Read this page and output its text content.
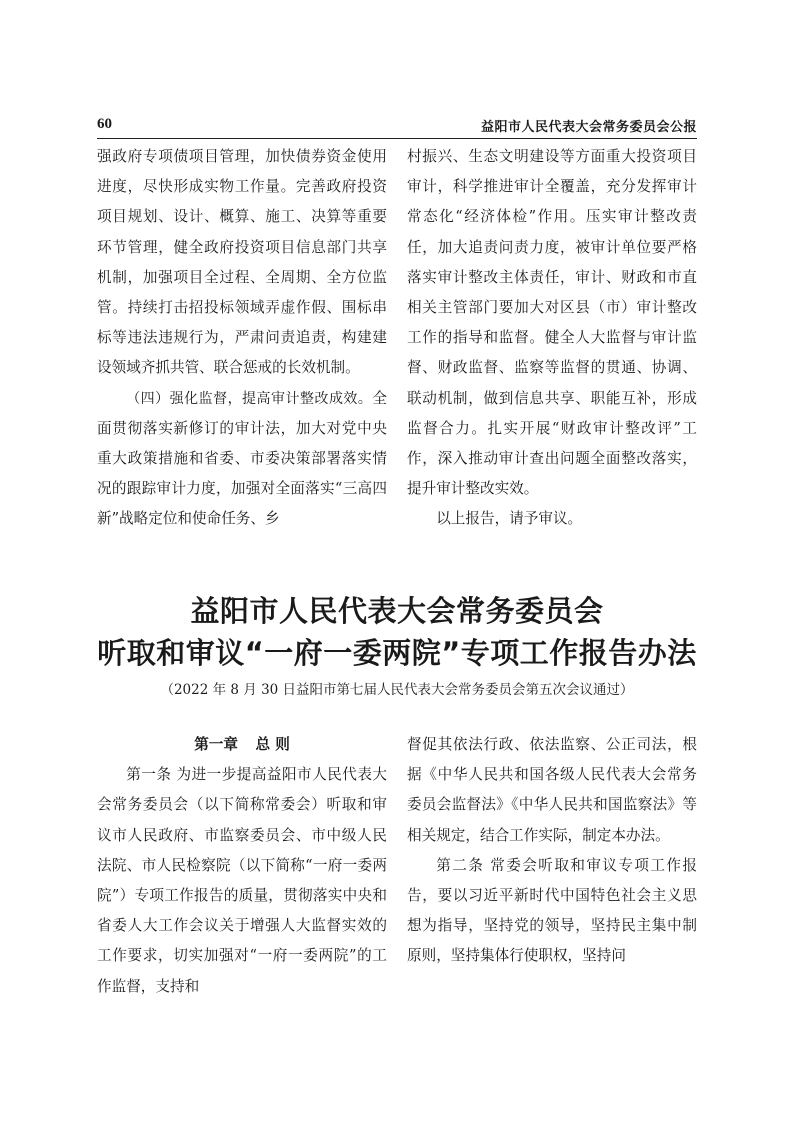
60	益阳市人民代表大会常务委员会公报

强政府专项债项目管理，加快债券资金使用进度，尽快形成实物工作量。完善政府投资项目规划、设计、概算、施工、决算等重要环节管理，健全政府投资项目信息部门共享机制，加强项目全过程、全周期、全方位监管。持续打击招投标领域弄虚作假、围标串标等违法违规行为，严肃问责追责，构建建设领域齐抓共管、联合惩戒的长效机制。

（四）强化监督，提高审计整改成效。全面贯彻落实新修订的审计法，加大对党中央重大政策措施和省委、市委决策部署落实情况的跟踪审计力度，加强对全面落实“三高四新”战略定位和使命任务、乡

村振兴、生态文明建设等方面重大投资项目审计，科学推进审计全覆盖，充分发挥审计常态化“经济体检”作用。压实审计整改责任，加大追责问责力度，被审计单位要严格落实审计整改主体责任，审计、财政和市直相关主管部门要加大对区县（市）审计整改工作的指导和监督。健全人大监督与审计监督、财政监督、监察等监督的贯通、协调、联动机制，做到信息共享、职能互补，形成监督合力。扎实开展“财政审计整改评”工作，深入推动审计查出问题全面整改落实，提升审计整改实效。

以上报告，请予审议。

益阳市人民代表大会常务委员会
听取和审议“一府一委两院”专项工作报告办法
（2022 年 8 月 30 日益阳市第七届人民代表大会常务委员会第五次会议通过）

第一章 总 则

第一条 为进一步提高益阳市人民代表大会常务委员会（以下简称常委会）听取和审议市人民政府、市监察委员会、市中级人民法院、市人民检察院（以下简称“一府一委两院”）专项工作报告的质量，贯彻落实中央和省委人大工作会议关于增强人大监督实效的工作要求，切实加强对“一府一委两院”的工作监督，支持和

督促其依法行政、依法监察、公正司法，根据《中华人民共和国各级人民代表大会常务委员会监督法》《中华人民共和国监察法》等相关规定，结合工作实际，制定本办法。

第二条 常委会听取和审议专项工作报告，要以习近平新时代中国特色社会主义思想为指导，坚持党的领导，坚持民主集中制原则，坚持集体行使职权，坚持问
